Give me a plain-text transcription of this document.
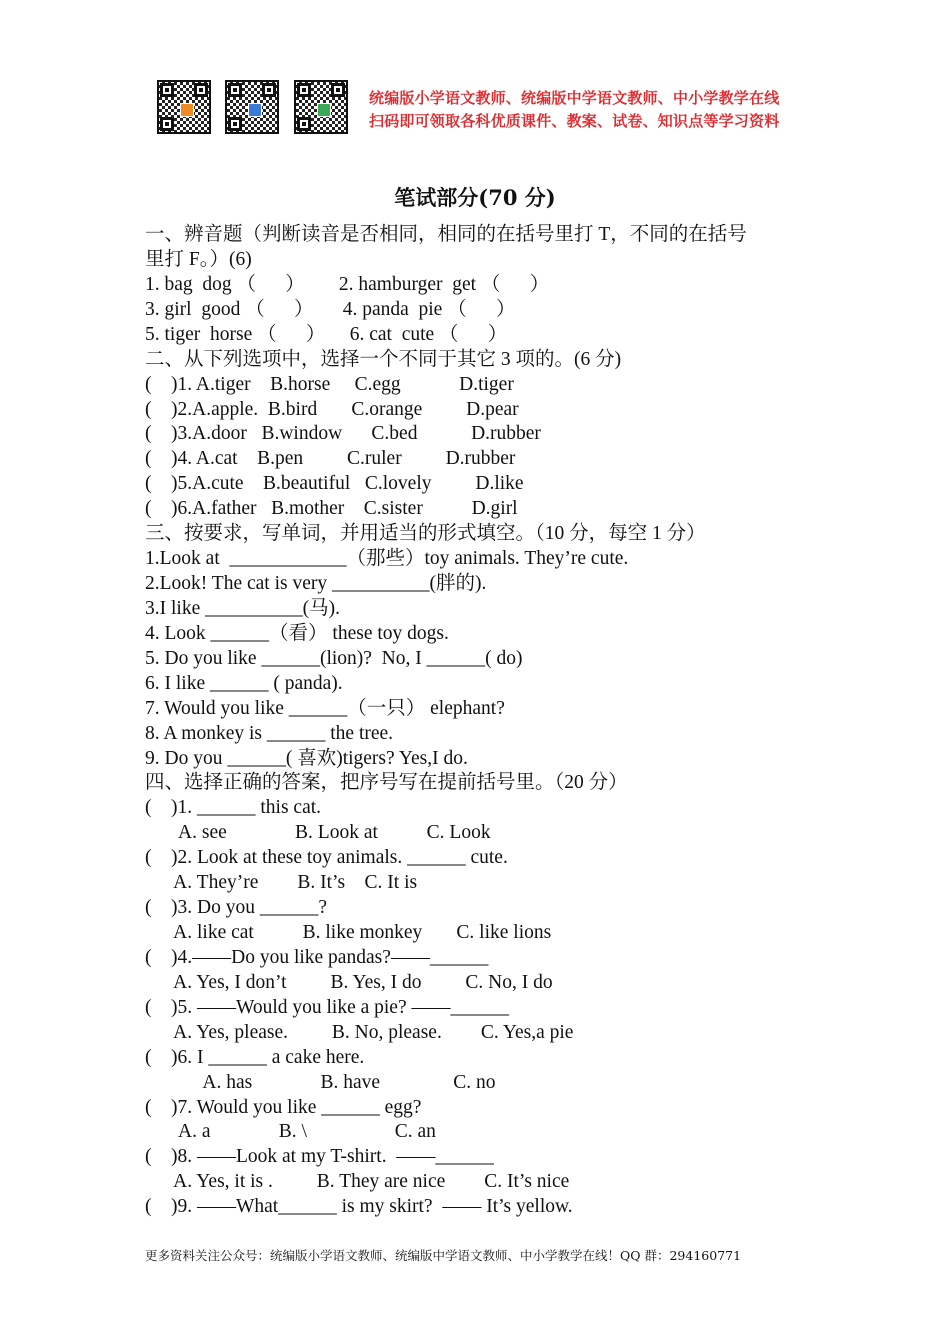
统编版小学语文教师、统编版中学语文教师、中小学教学在线
扫码即可领取各科优质课件、教案、试卷、知识点等学习资料
笔试部分(70 分)
一、辨音题（判断读音是否相同，相同的在括号里打 T，不同的在括号
里打 F。）(6)
1. bag  dog （      ）       2. hamburger  get （      ）
3. girl  good （      ）      4. panda  pie （      ）
5. tiger  horse （      ）     6. cat  cute （      ）
二、从下列选项中，选择一个不同于其它 3 项的。(6 分)
(    )1. A.tiger    B.horse     C.egg            D.tiger
(    )2.A.apple.  B.bird       C.orange         D.pear
(    )3.A.door   B.window      C.bed           D.rubber
(    )4. A.cat    B.pen         C.ruler         D.rubber
(    )5.A.cute    B.beautiful   C.lovely         D.like
(    )6.A.father   B.mother    C.sister          D.girl
三、按要求，写单词，并用适当的形式填空。（10 分，每空 1 分）
1.Look at  ____________（那些）toy animals. They’re cute.
2.Look! The cat is very __________(胖的).
3.I like __________(马).
4. Look ______（看） these toy dogs.
5. Do you like ______(lion)?  No, I ______( do)
6. I like ______ ( panda).
7. Would you like ______（一只） elephant?
8. A monkey is ______ the tree.
9. Do you ______( 喜欢)tigers? Yes,I do.
四、选择正确的答案，把序号写在提前括号里。（20 分）
(    )1. ______ this cat.
A. see              B. Look at          C. Look
(    )2. Look at these toy animals. ______ cute.
A. They’re        B. It’s    C. It is
(    )3. Do you ______?
A. like cat          B. like monkey       C. like lions
(    )4.——Do you like pandas?——______
A. Yes, I don’t         B. Yes, I do         C. No, I do
(    )5. ——Would you like a pie? ——______
A. Yes, please.         B. No, please.        C. Yes,a pie
(    )6. I ______ a cake here.
A. has              B. have               C. no
(    )7. Would you like ______ egg?
A. a              B. \                  C. an
(    )8. ——Look at my T-shirt.  ——______
A. Yes, it is .         B. They are nice        C. It’s nice
(    )9. ——What______ is my skirt?  —— It’s yellow.
更多资料关注公众号：统编版小学语文教师、统编版中学语文教师、中小学教学在线！QQ 群：294160771
